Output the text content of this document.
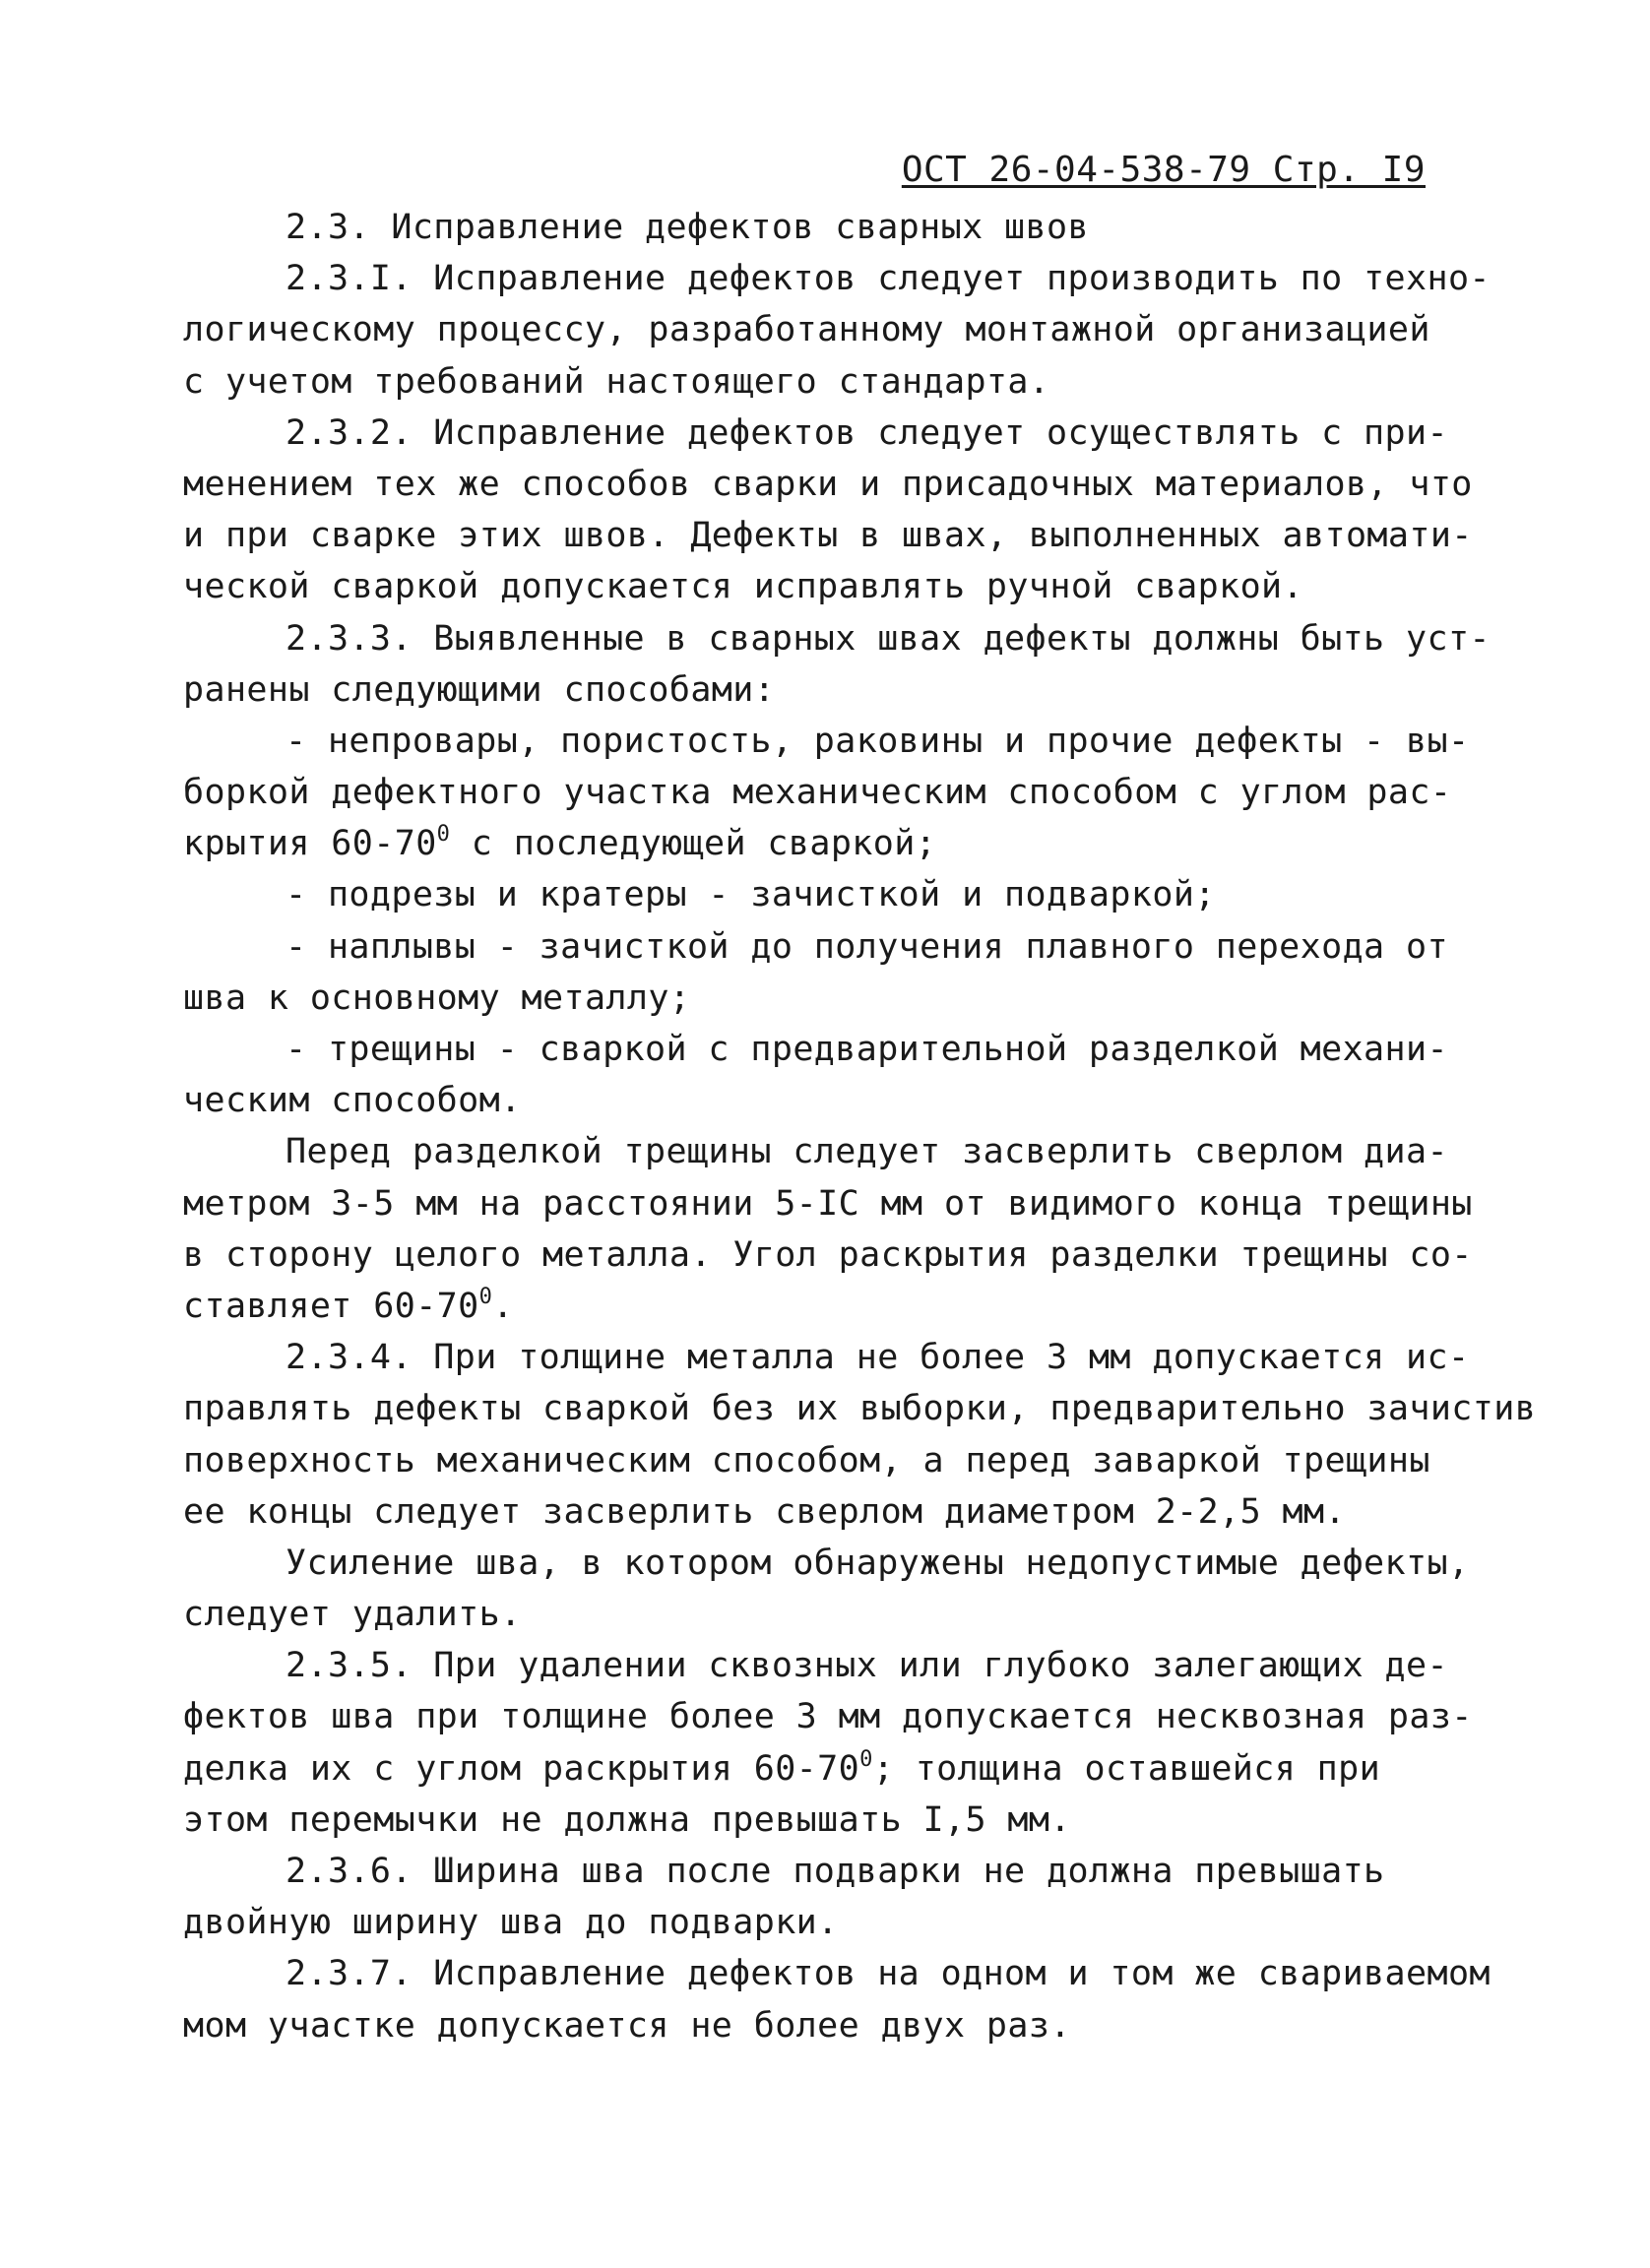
ОСТ 26-04-538-79 Стр. I9
2.3. Исправление дефектов сварных швов
2.3.I. Исправление дефектов следует производить по техно-
логическому процессу, разработанному монтажной организацией
с учетом требований настоящего стандарта.
2.3.2. Исправление дефектов следует осуществлять с при-
менением тех же способов сварки и присадочных материалов, что
и при сварке этих швов. Дефекты в швах, выполненных автомати-
ческой сваркой допускается исправлять ручной сваркой.
2.3.3. Выявленные в сварных швах дефекты должны быть уст-
ранены следующими способами:
- непровары, пористость, раковины и прочие дефекты - вы-
боркой дефектного участка механическим способом с углом рас-
крытия $60-70^0$ с последующей сваркой;
- подрезы и кратеры - зачисткой и подваркой;
- наплывы - зачисткой до получения плавного перехода от
шва к основному металлу;
- трещины - сваркой с предварительной разделкой механи-
ческим способом.
Перед разделкой трещины следует засверлить сверлом диа-
метром 3-5 мм на расстоянии 5-IC мм от видимого конца трещины
в сторону целого металла. Угол раскрытия разделки трещины со-
ставляет $60-70^0$.
2.3.4. При толщине металла не более 3 мм допускается ис-
правлять дефекты сваркой без их выборки, предварительно зачистив
поверхность механическим способом, а перед заваркой трещины
ее концы следует засверлить сверлом диаметром 2-2,5 мм.
Усиление шва, в котором обнаружены недопустимые дефекты,
следует удалить.
2.3.5. При удалении сквозных или глубоко залегающих де-
фектов шва при толщине более 3 мм допускается несквозная раз-
делка их с углом раскрытия $60-70^0$; толщина оставшейся при
этом перемычки не должна превышать I,5 мм.
2.3.6. Ширина шва после подварки не должна превышать
двойную ширину шва до подварки.
2.3.7. Исправление дефектов на одном и том же свариваемом
мом участке допускается не более двух раз.
